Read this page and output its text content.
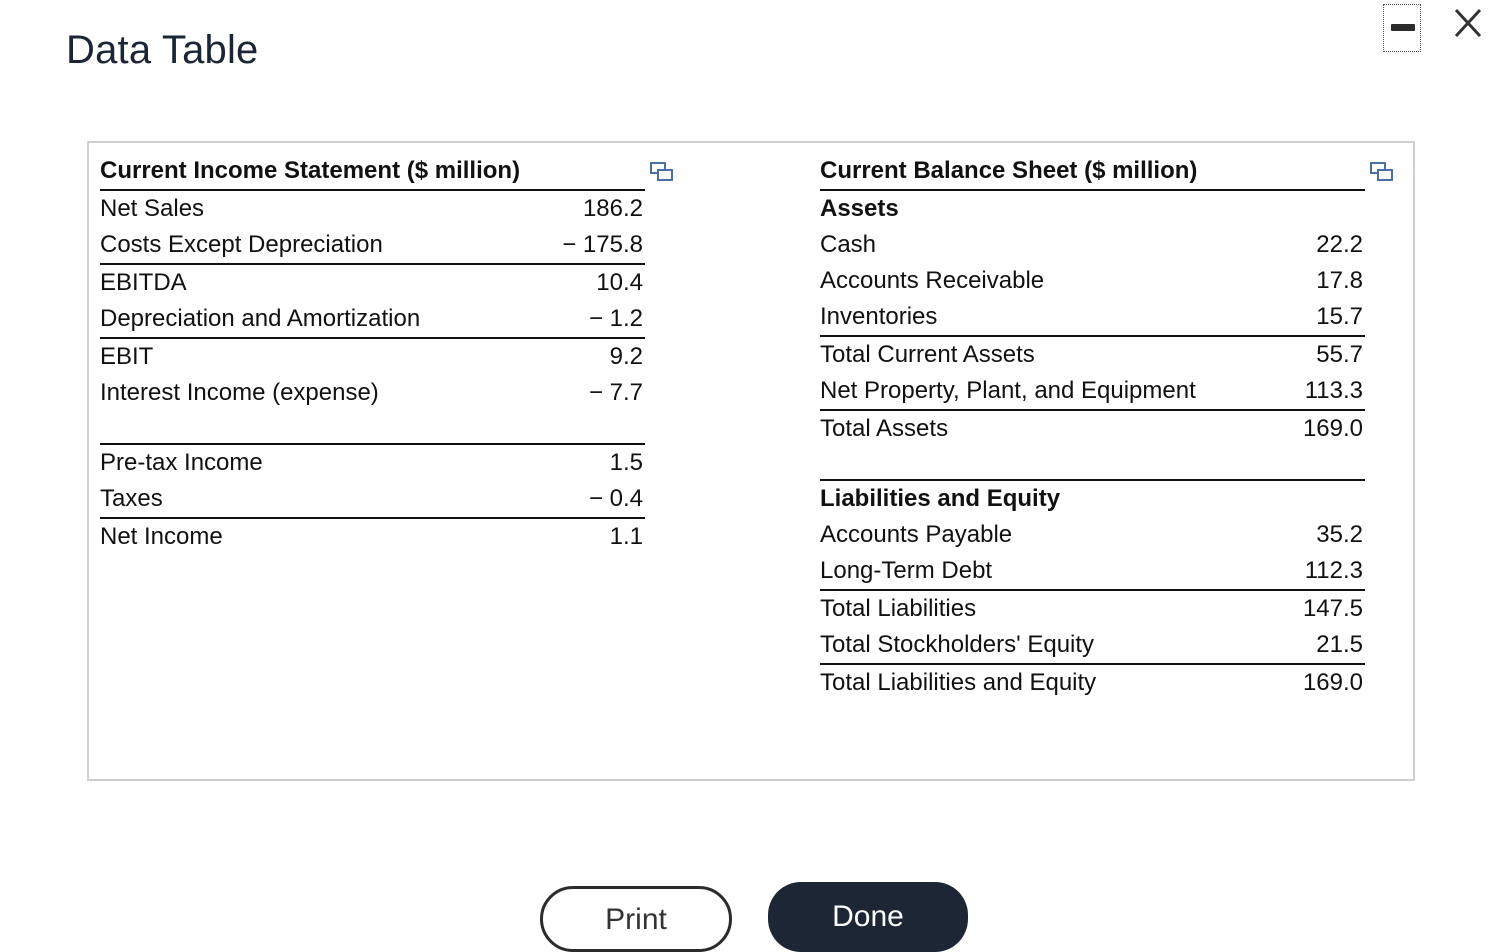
Data Table
Current Income Statement ($ million)	
Net Sales	186.2
Costs Except Depreciation	− 175.8
EBITDA	10.4
Depreciation and Amortization	− 1.2
EBIT	9.2
Interest Income (expense)	− 7.7

Pre-tax Income	1.5
Taxes	− 0.4
Net Income	1.1
Current Balance Sheet ($ million)	
Assets	
Cash	22.2
Accounts Receivable	17.8
Inventories	15.7
Total Current Assets	55.7
Net Property, Plant, and Equipment	113.3
Total Assets	169.0

Liabilities and Equity	
Accounts Payable	35.2
Long-Term Debt	112.3
Total Liabilities	147.5
Total Stockholders' Equity	21.5
Total Liabilities and Equity	169.0
Print	Done
